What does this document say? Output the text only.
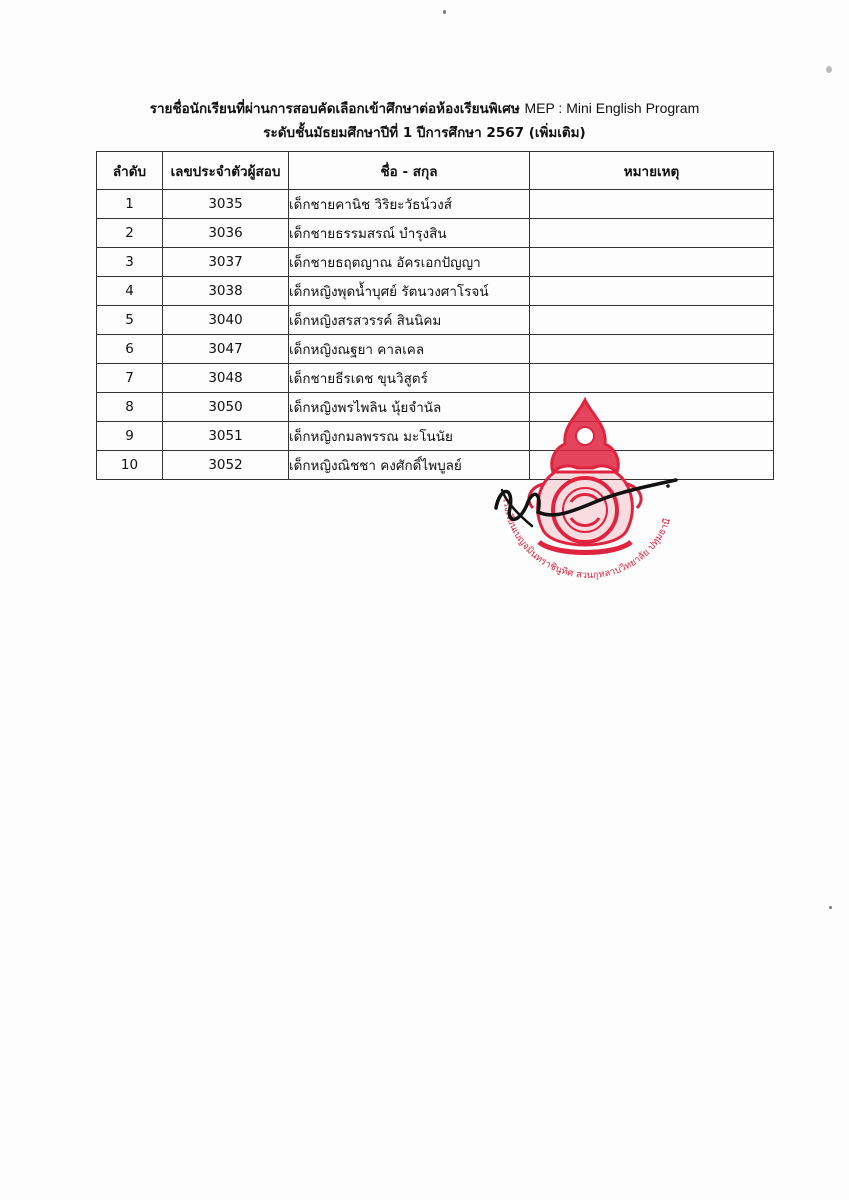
รายชื่อนักเรียนที่ผ่านการสอบคัดเลือกเข้าศึกษาต่อห้องเรียนพิเศษ MEP : Mini English Program
ระดับชั้นมัธยมศึกษาปีที่ 1 ปีการศึกษา 2567 (เพิ่มเติม)
ลำดับ	เลขประจำตัวผู้สอบ	ชื่อ - สกุล	หมายเหตุ
1	3035	เด็กชายคานิช วิริยะวัธน์วงส์	
2	3036	เด็กชายธรรมสรณ์ บำรุงสิน	
3	3037	เด็กชายธฤตญาณ อัครเอกปัญญา	
4	3038	เด็กหญิงพุดน้ำบุศย์ รัตนวงศาโรจน์	
5	3040	เด็กหญิงสรสวรรค์ สินนิคม	
6	3047	เด็กหญิงณฐยา คาลเคล	
7	3048	เด็กชายธีรเดช ขุนวิสูตร์	
8	3050	เด็กหญิงพรไพลิน นุ้ยจำนัล	
9	3051	เด็กหญิงกมลพรรณ มะโนนัย	
10	3052	เด็กหญิงณิชชา คงศักดิ์ไพบูลย์	
โรงเรียนเบญจมินทราชินูทิศ สวนกุหลาบวิทยาลัย ปทุมธานี
